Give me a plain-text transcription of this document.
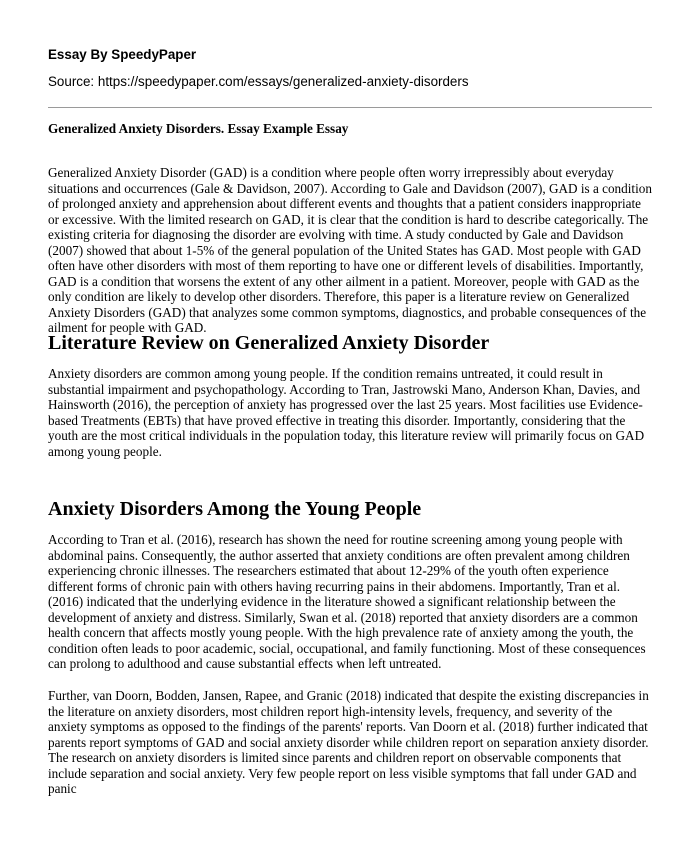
Essay By SpeedyPaper
Source: https://speedypaper.com/essays/generalized-anxiety-disorders
Generalized Anxiety Disorders. Essay Example Essay

Generalized Anxiety Disorder (GAD) is a condition where people often worry irrepressibly about everyday situations and occurrences (Gale & Davidson, 2007). According to Gale and Davidson (2007), GAD is a condition of prolonged anxiety and apprehension about different events and thoughts that a patient considers inappropriate or excessive. With the limited research on GAD, it is clear that the condition is hard to describe categorically. The existing criteria for diagnosing the disorder are evolving with time. A study conducted by Gale and Davidson (2007) showed that about 1-5% of the general population of the United States has GAD. Most people with GAD often have other disorders with most of them reporting to have one or different levels of disabilities. Importantly, GAD is a condition that worsens the extent of any other ailment in a patient. Moreover, people with GAD as the only condition are likely to develop other disorders. Therefore, this paper is a literature review on Generalized Anxiety Disorders (GAD) that analyzes some common symptoms, diagnostics, and probable consequences of the ailment for people with GAD.

Literature Review on Generalized Anxiety Disorder

Anxiety disorders are common among young people. If the condition remains untreated, it could result in substantial impairment and psychopathology. According to Tran, Jastrowski Mano, Anderson Khan, Davies, and Hainsworth (2016), the perception of anxiety has progressed over the last 25 years. Most facilities use Evidence-based Treatments (EBTs) that have proved effective in treating this disorder. Importantly, considering that the youth are the most critical individuals in the population today, this literature review will primarily focus on GAD among young people.

Anxiety Disorders Among the Young People

According to Tran et al. (2016), research has shown the need for routine screening among young people with abdominal pains. Consequently, the author asserted that anxiety conditions are often prevalent among children experiencing chronic illnesses. The researchers estimated that about 12-29% of the youth often experience different forms of chronic pain with others having recurring pains in their abdomens. Importantly, Tran et al. (2016) indicated that the underlying evidence in the literature showed a significant relationship between the development of anxiety and distress. Similarly, Swan et al. (2018) reported that anxiety disorders are a common health concern that affects mostly young people. With the high prevalence rate of anxiety among the youth, the condition often leads to poor academic, social, occupational, and family functioning. Most of these consequences can prolong to adulthood and cause substantial effects when left untreated.

Further, van Doorn, Bodden, Jansen, Rapee, and Granic (2018) indicated that despite the existing discrepancies in the literature on anxiety disorders, most children report high-intensity levels, frequency, and severity of the anxiety symptoms as opposed to the findings of the parents' reports. Van Doorn et al. (2018) further indicated that parents report symptoms of GAD and social anxiety disorder while children report on separation anxiety disorder. The research on anxiety disorders is limited since parents and children report on observable components that include separation and social anxiety. Very few people report on less visible symptoms that fall under GAD and panic
